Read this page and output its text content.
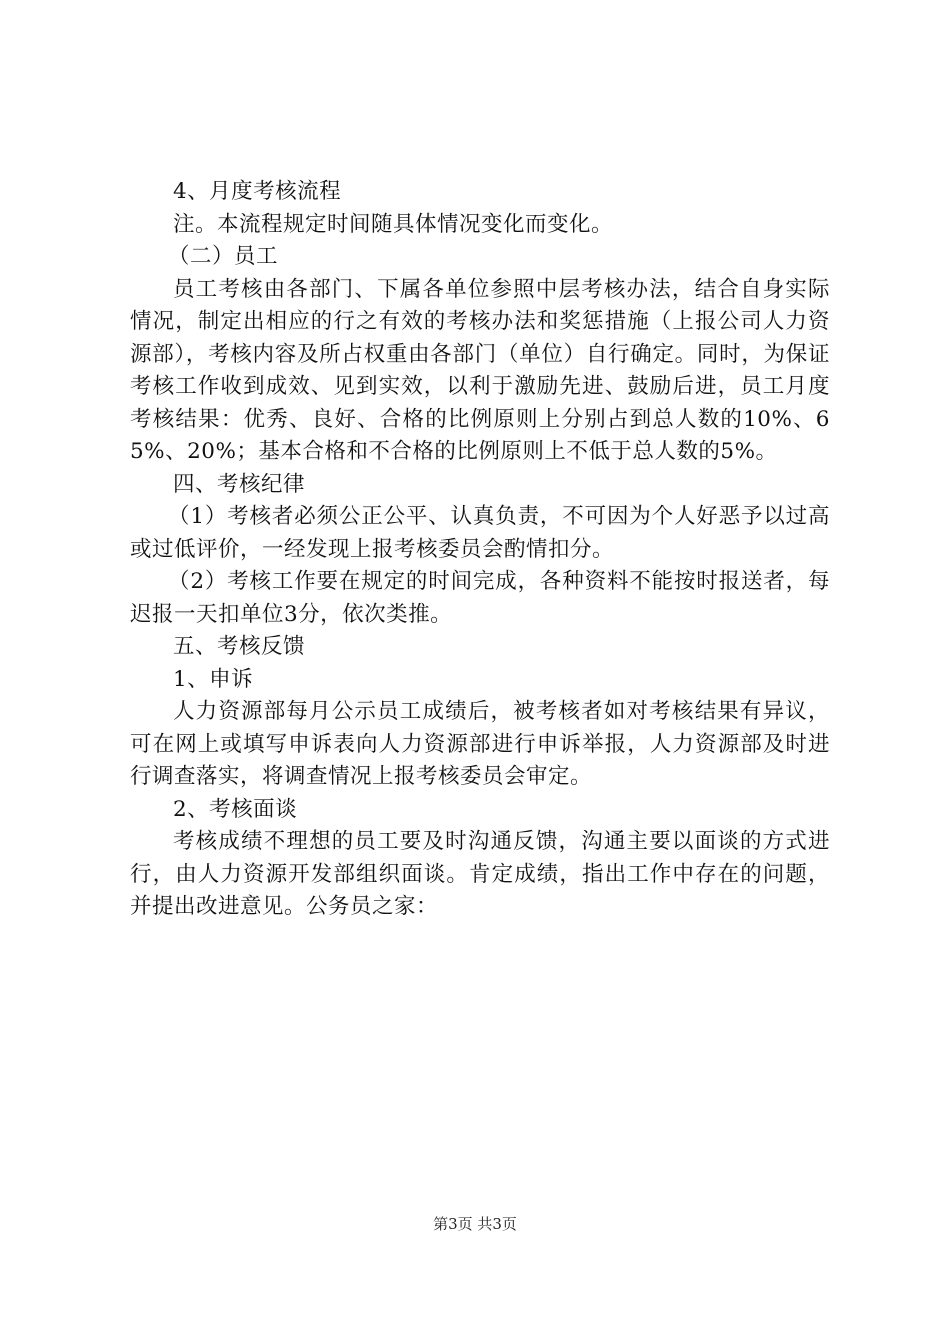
4、月度考核流程

注。本流程规定时间随具体情况变化而变化。

（二）员工

员工考核由各部门、下属各单位参照中层考核办法，结合自身实际情况，制定出相应的行之有效的考核办法和奖惩措施（上报公司人力资源部），考核内容及所占权重由各部门（单位）自行确定。同时，为保证考核工作收到成效、见到实效，以利于激励先进、鼓励后进，员工月度考核结果：优秀、良好、合格的比例原则上分别占到总人数的10%、65%、20%；基本合格和不合格的比例原则上不低于总人数的5%。

四、考核纪律

（1）考核者必须公正公平、认真负责，不可因为个人好恶予以过高或过低评价，一经发现上报考核委员会酌情扣分。

（2）考核工作要在规定的时间完成，各种资料不能按时报送者，每迟报一天扣单位3分，依次类推。

五、考核反馈

1、申诉

人力资源部每月公示员工成绩后，被考核者如对考核结果有异议，可在网上或填写申诉表向人力资源部进行申诉举报，人力资源部及时进行调查落实，将调查情况上报考核委员会审定。

2、考核面谈

考核成绩不理想的员工要及时沟通反馈，沟通主要以面谈的方式进行，由人力资源开发部组织面谈。肯定成绩，指出工作中存在的问题，并提出改进意见。公务员之家：

第3页 共3页
